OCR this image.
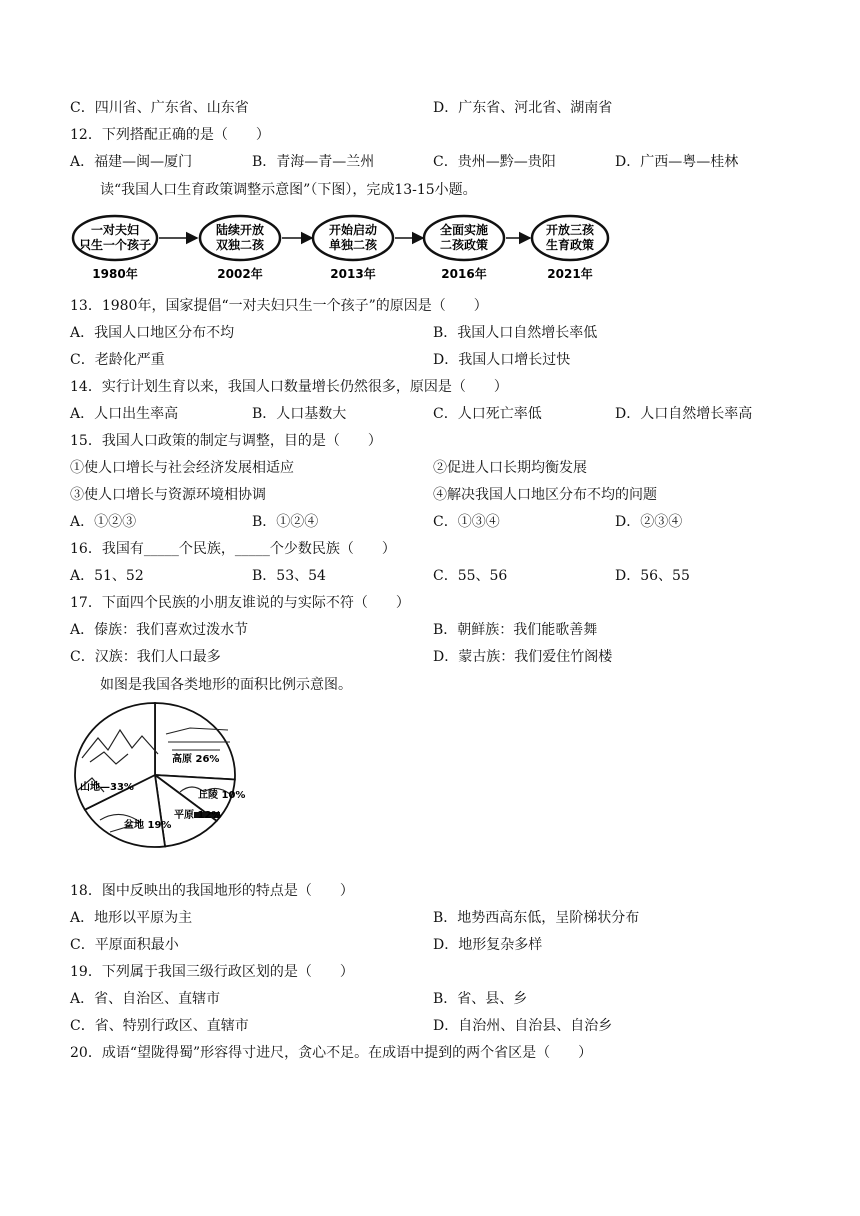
C．四川省、广东省、山东省	D．广东省、河北省、湖南省
12．下列搭配正确的是（　　）
A．福建—闽—厦门	B．青海—青—兰州	C．贵州—黔—贵阳	D．广西—粤—桂林
读“我国人口生育政策调整示意图”（下图），完成13-15小题。
一对夫妇
只生一个孩子
1980年
陆续开放
双独二孩
2002年
开始启动
单独二孩
2013年
全面实施
二孩政策
2016年
开放三孩
生育政策
2021年
13．1980年，国家提倡“一对夫妇只生一个孩子”的原因是（　　）
A．我国人口地区分布不均	B．我国人口自然增长率低
C．老龄化严重	D．我国人口增长过快
14．实行计划生育以来，我国人口数量增长仍然很多，原因是（　　）
A．人口出生率高	B．人口基数大	C．人口死亡率低	D．人口自然增长率高
15．我国人口政策的制定与调整，目的是（　　）
①使人口增长与社会经济发展相适应	②促进人口长期均衡发展
③使人口增长与资源环境相协调	④解决我国人口地区分布不均的问题
A．①②③	B．①②④	C．①③④	D．②③④
16．我国有_____个民族，_____个少数民族（　　）
A．51、52	B．53、54	C．55、56	D．56、55
17．下面四个民族的小朋友谁说的与实际不符（　　）
A．傣族：我们喜欢过泼水节	B．朝鲜族：我们能歌善舞
C．汉族：我们人口最多	D．蒙古族：我们爱住竹阁楼
如图是我国各类地形的面积比例示意图。
山地—33%
高原 26%
丘陵 10%
平原 12%
盆地 19%
18．图中反映出的我国地形的特点是（　　）
A．地形以平原为主	B．地势西高东低，呈阶梯状分布
C．平原面积最小	D．地形复杂多样
19．下列属于我国三级行政区划的是（　　）
A．省、自治区、直辖市	B．省、县、乡
C．省、特别行政区、直辖市	D．自治州、自治县、自治乡
20．成语“望陇得蜀”形容得寸进尺，贪心不足。在成语中提到的两个省区是（　　）
